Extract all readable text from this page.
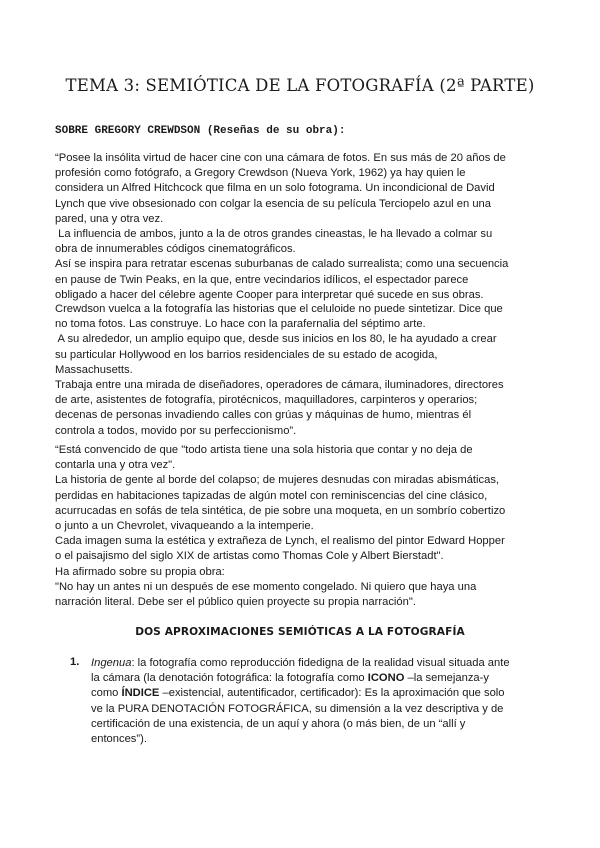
TEMA 3: SEMIÓTICA DE LA FOTOGRAFÍA (2ª PARTE)
SOBRE GREGORY CREWDSON (Reseñas de su obra):
“Posee la insólita virtud de hacer cine con una cámara de fotos. En sus más de 20 años de
profesión como fotógrafo, a Gregory Crewdson (Nueva York, 1962) ya hay quien le
considera un Alfred Hitchcock que filma en un solo fotograma. Un incondicional de David
Lynch que vive obsesionado con colgar la esencia de su película Terciopelo azul en una
pared, una y otra vez.
La influencia de ambos, junto a la de otros grandes cineastas, le ha llevado a colmar su
obra de innumerables códigos cinematográficos.
Así se inspira para retratar escenas suburbanas de calado surrealista; como una secuencia
en pause de Twin Peaks, en la que, entre vecindarios idílicos, el espectador parece
obligado a hacer del célebre agente Cooper para interpretar qué sucede en sus obras.
Crewdson vuelca a la fotografía las historias que el celuloide no puede sintetizar. Dice que
no toma fotos. Las construye. Lo hace con la parafernalia del séptimo arte.
A su alrededor, un amplio equipo que, desde sus inicios en los 80, le ha ayudado a crear
su particular Hollywood en los barrios residenciales de su estado de acogida,
Massachusetts.
Trabaja entre una mirada de diseñadores, operadores de cámara, iluminadores, directores
de arte, asistentes de fotografía, pirotécnicos, maquilladores, carpinteros y operarios;
decenas de personas invadiendo calles con grúas y máquinas de humo, mientras él
controla a todos, movido por su perfeccionismo”.
“Está convencido de que "todo artista tiene una sola historia que contar y no deja de
contarla una y otra vez".
La historia de gente al borde del colapso; de mujeres desnudas con miradas abismáticas,
perdidas en habitaciones tapizadas de algún motel con reminiscencias del cine clásico,
acurrucadas en sofás de tela sintética, de pie sobre una moqueta, en un sombrío cobertizo
o junto a un Chevrolet, vivaqueando a la intemperie.
Cada imagen suma la estética y extrañeza de Lynch, el realismo del pintor Edward Hopper
o el paisajismo del siglo XIX de artistas como Thomas Cole y Albert Bierstadt".
Ha afirmado sobre su propia obra:
"No hay un antes ni un después de ese momento congelado. Ni quiero que haya una
narración literal. Debe ser el público quien proyecte su propia narración".
DOS APROXIMACIONES SEMIÓTICAS A LA FOTOGRAFÍA
1. Ingenua: la fotografía como reproducción fidedigna de la realidad visual situada ante
la cámara (la denotación fotográfica: la fotografía como ICONO –la semejanza-y
como ÍNDICE –existencial, autentificador, certificador): Es la aproximación que solo
ve la PURA DENOTACIÓN FOTOGRÁFICA, su dimensión a la vez descriptiva y de
certificación de una existencia, de un aquí y ahora (o más bien, de un “allí y
entonces”).
